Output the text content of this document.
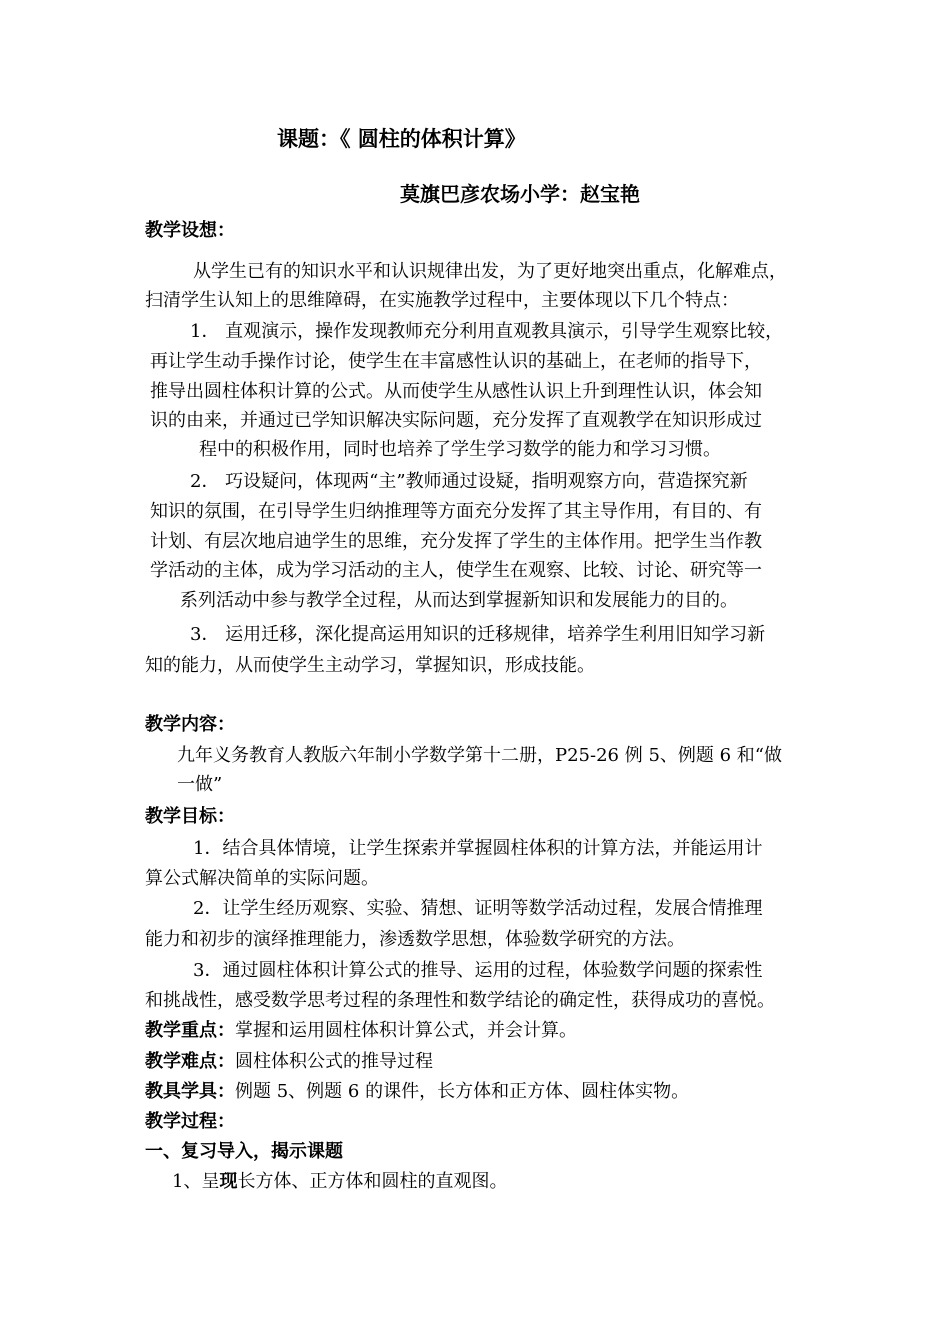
课题：《 圆柱的体积计算》
莫旗巴彦农场小学：赵宝艳
教学设想：
从学生已有的知识水平和认识规律出发，为了更好地突出重点，化解难点，
扫清学生认知上的思维障碍，在实施教学过程中，主要体现以下几个特点：
1． 直观演示，操作发现教师充分利用直观教具演示，引导学生观察比较，
再让学生动手操作讨论，使学生在丰富感性认识的基础上，在老师的指导下，
推导出圆柱体积计算的公式。从而使学生从感性认识上升到理性认识，体会知
识的由来，并通过已学知识解决实际问题，充分发挥了直观教学在知识形成过
程中的积极作用，同时也培养了学生学习数学的能力和学习习惯。
2． 巧设疑问，体现两“主”教师通过设疑，指明观察方向，营造探究新
知识的氛围，在引导学生归纳推理等方面充分发挥了其主导作用，有目的、有
计划、有层次地启迪学生的思维，充分发挥了学生的主体作用。把学生当作教
学活动的主体，成为学习活动的主人，使学生在观察、比较、讨论、研究等一
系列活动中参与教学全过程，从而达到掌握新知识和发展能力的目的。
3． 运用迁移，深化提高运用知识的迁移规律，培养学生利用旧知学习新
知的能力，从而使学生主动学习，掌握知识，形成技能。
教学内容：
九年义务教育人教版六年制小学数学第十二册，P25-26 例 5、例题 6 和“做
一做”
教学目标：
1．结合具体情境，让学生探索并掌握圆柱体积的计算方法，并能运用计
算公式解决简单的实际问题。
2．让学生经历观察、实验、猜想、证明等数学活动过程，发展合情推理
能力和初步的演绎推理能力，渗透数学思想，体验数学研究的方法。
3．通过圆柱体积计算公式的推导、运用的过程，体验数学问题的探索性
和挑战性，感受数学思考过程的条理性和数学结论的确定性，获得成功的喜悦。
教学重点：掌握和运用圆柱体积计算公式，并会计算。
教学难点：圆柱体积公式的推导过程
教具学具：例题 5、例题 6 的课件，长方体和正方体、圆柱体实物。
教学过程：
一、复习导入，揭示课题
1、呈现长方体、正方体和圆柱的直观图。
